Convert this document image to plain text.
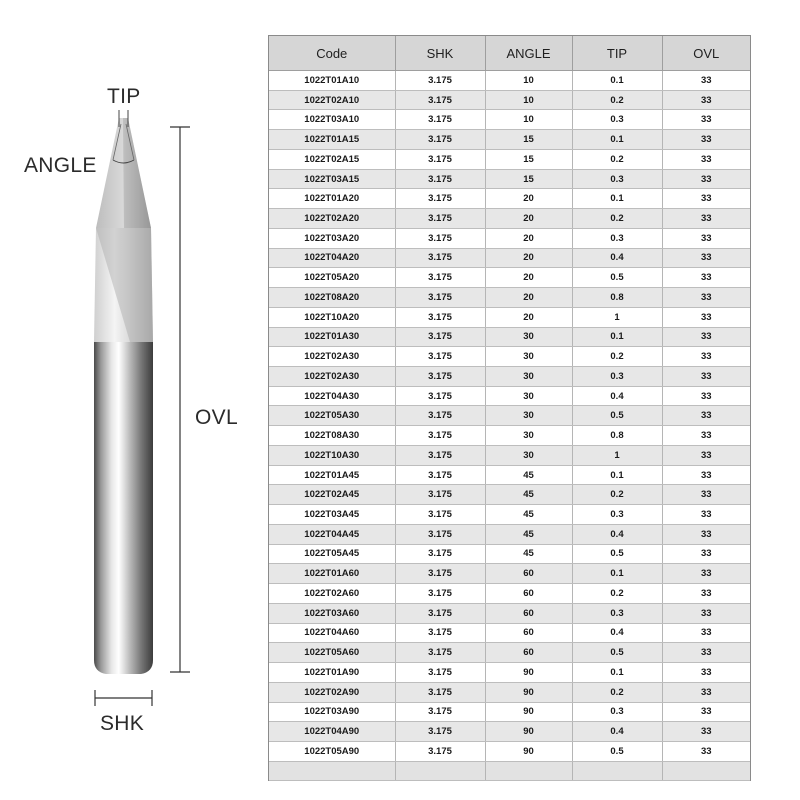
TIP
ANGLE
OVL
SHK
Code	SHK	ANGLE	TIP	OVL
1022T01A10	3.175	10	0.1	33
1022T02A10	3.175	10	0.2	33
1022T03A10	3.175	10	0.3	33
1022T01A15	3.175	15	0.1	33
1022T02A15	3.175	15	0.2	33
1022T03A15	3.175	15	0.3	33
1022T01A20	3.175	20	0.1	33
1022T02A20	3.175	20	0.2	33
1022T03A20	3.175	20	0.3	33
1022T04A20	3.175	20	0.4	33
1022T05A20	3.175	20	0.5	33
1022T08A20	3.175	20	0.8	33
1022T10A20	3.175	20	1	33
1022T01A30	3.175	30	0.1	33
1022T02A30	3.175	30	0.2	33
1022T02A30	3.175	30	0.3	33
1022T04A30	3.175	30	0.4	33
1022T05A30	3.175	30	0.5	33
1022T08A30	3.175	30	0.8	33
1022T10A30	3.175	30	1	33
1022T01A45	3.175	45	0.1	33
1022T02A45	3.175	45	0.2	33
1022T03A45	3.175	45	0.3	33
1022T04A45	3.175	45	0.4	33
1022T05A45	3.175	45	0.5	33
1022T01A60	3.175	60	0.1	33
1022T02A60	3.175	60	0.2	33
1022T03A60	3.175	60	0.3	33
1022T04A60	3.175	60	0.4	33
1022T05A60	3.175	60	0.5	33
1022T01A90	3.175	90	0.1	33
1022T02A90	3.175	90	0.2	33
1022T03A90	3.175	90	0.3	33
1022T04A90	3.175	90	0.4	33
1022T05A90	3.175	90	0.5	33
